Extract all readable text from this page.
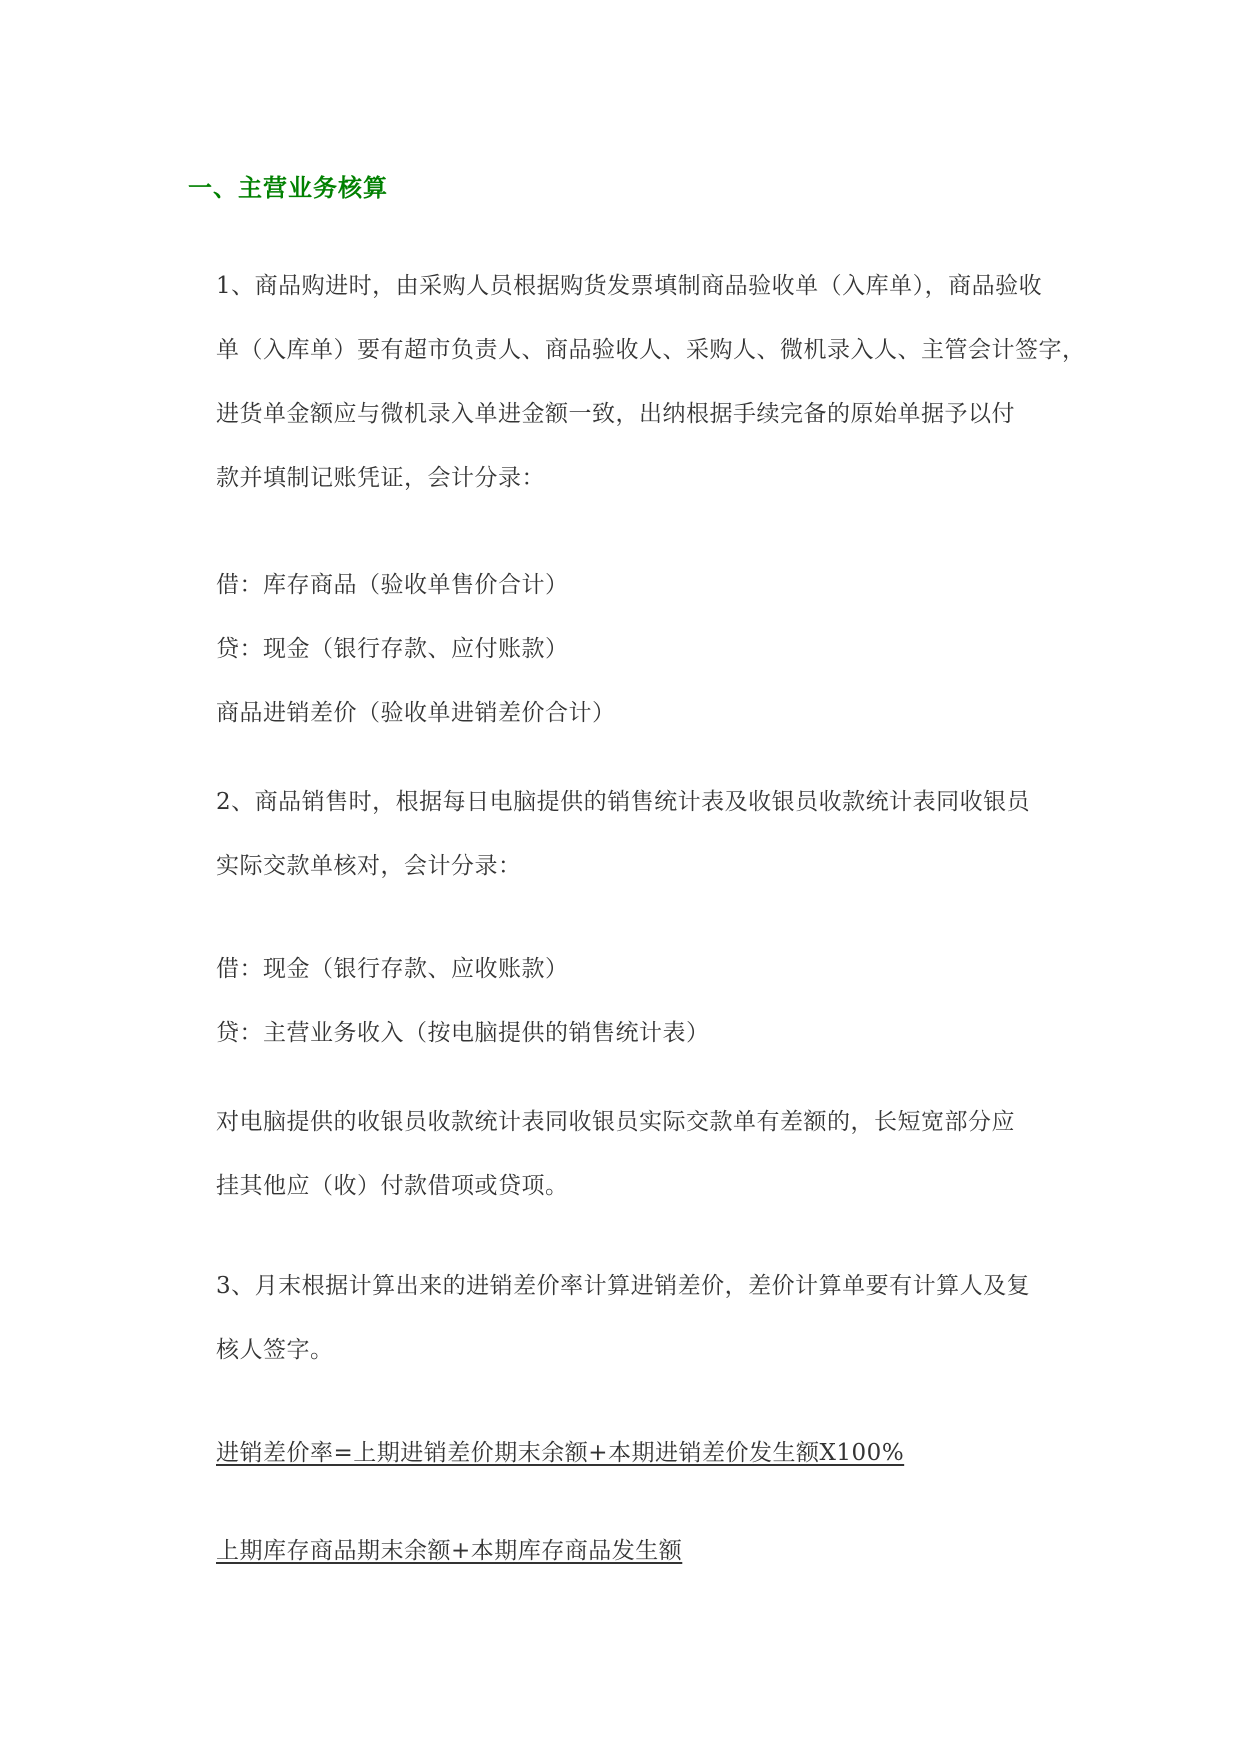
一、主营业务核算
1、商品购进时，由采购人员根据购货发票填制商品验收单（入库单），商品验收
单（入库单）要有超市负责人、商品验收人、采购人、微机录入人、主管会计签字，
进货单金额应与微机录入单进金额一致，出纳根据手续完备的原始单据予以付
款并填制记账凭证，会计分录：
借：库存商品（验收单售价合计）
贷：现金（银行存款、应付账款）
商品进销差价（验收单进销差价合计）
2、商品销售时，根据每日电脑提供的销售统计表及收银员收款统计表同收银员
实际交款单核对，会计分录：
借：现金（银行存款、应收账款）
贷：主营业务收入（按电脑提供的销售统计表）
对电脑提供的收银员收款统计表同收银员实际交款单有差额的，长短宽部分应
挂其他应（收）付款借项或贷项。
3、月末根据计算出来的进销差价率计算进销差价，差价计算单要有计算人及复
核人签字。
进销差价率=上期进销差价期末余额+本期进销差价发生额X100%
上期库存商品期末余额+本期库存商品发生额
